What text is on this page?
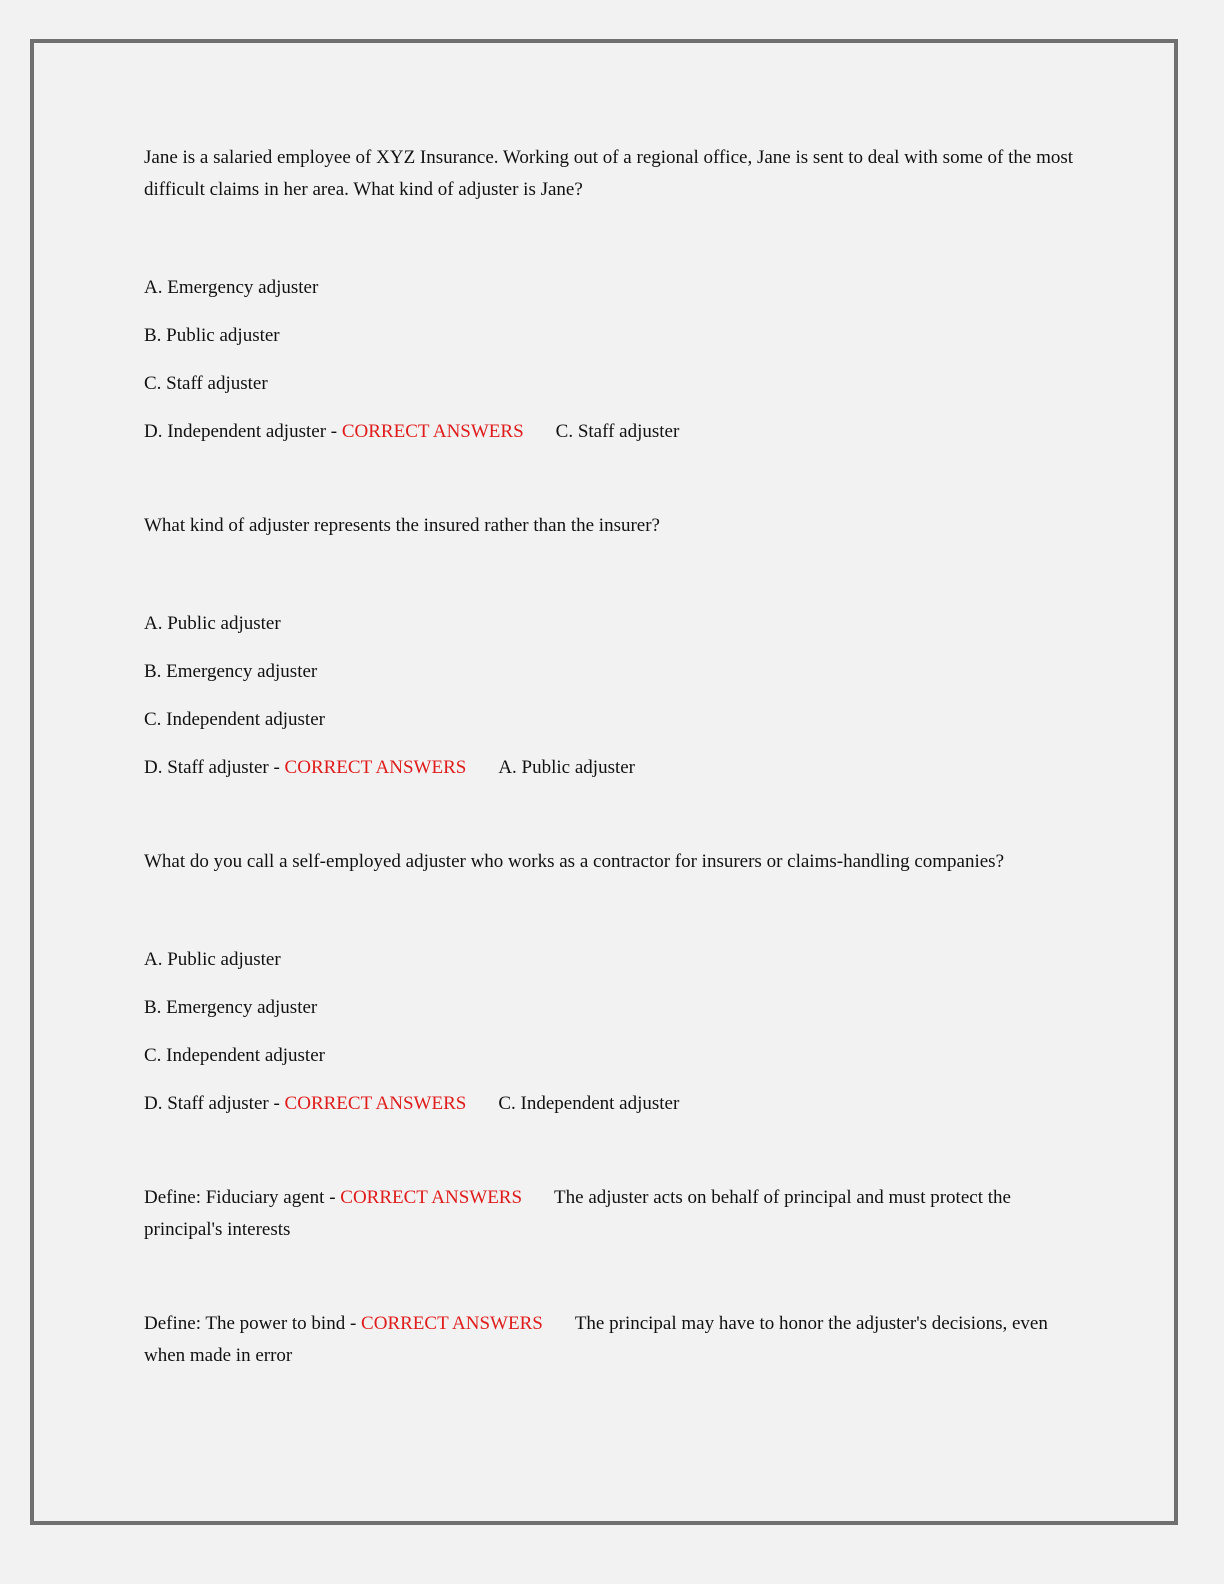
Jane is a salaried employee of XYZ Insurance. Working out of a regional office, Jane is sent to deal with some of the most difficult claims in her area. What kind of adjuster is Jane?

A. Emergency adjuster
B. Public adjuster
C. Staff adjuster
D. Independent adjuster - CORRECT ANSWERS C. Staff adjuster

What kind of adjuster represents the insured rather than the insurer?

A. Public adjuster
B. Emergency adjuster
C. Independent adjuster
D. Staff adjuster - CORRECT ANSWERS A. Public adjuster

What do you call a self-employed adjuster who works as a contractor for insurers or claims-handling companies?

A. Public adjuster
B. Emergency adjuster
C. Independent adjuster
D. Staff adjuster - CORRECT ANSWERS C. Independent adjuster

Define: Fiduciary agent - CORRECT ANSWERS The adjuster acts on behalf of principal and must protect the principal's interests

Define: The power to bind - CORRECT ANSWERS The principal may have to honor the adjuster's decisions, even when made in error
